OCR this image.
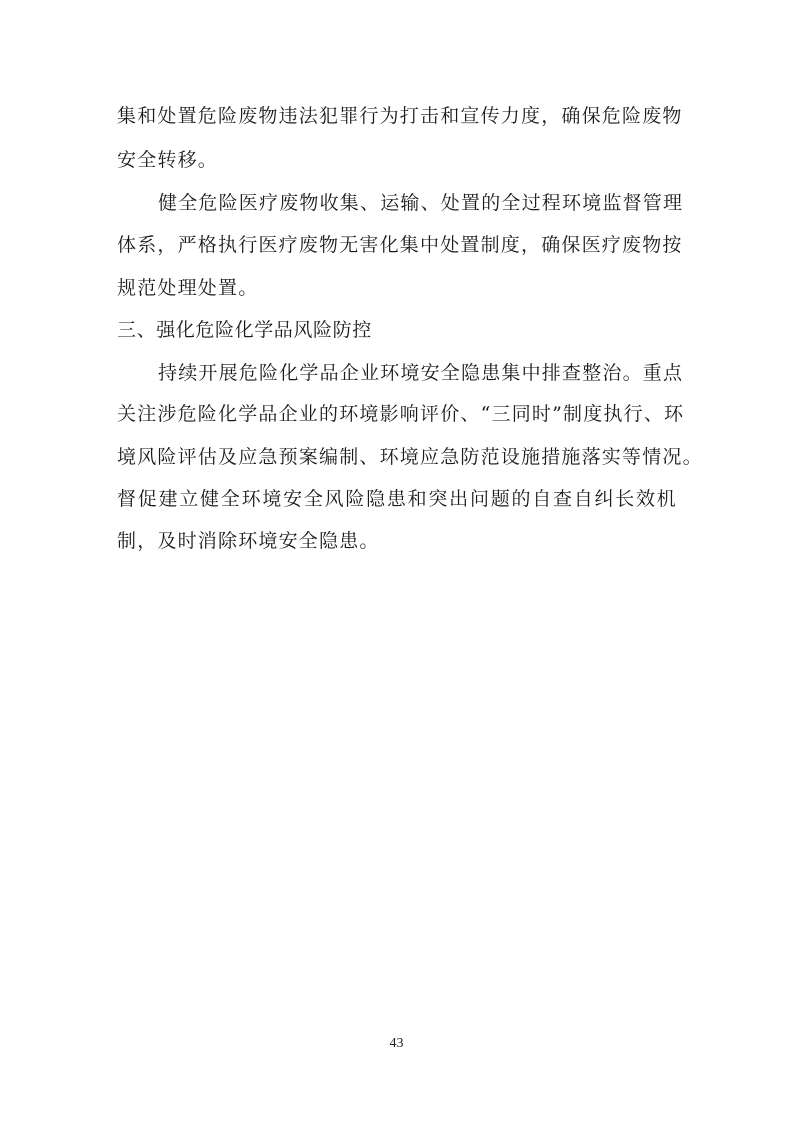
集和处置危险废物违法犯罪行为打击和宣传力度，确保危险废物
安全转移。
健全危险医疗废物收集、运输、处置的全过程环境监督管理
体系，严格执行医疗废物无害化集中处置制度，确保医疗废物按
规范处理处置。
三、强化危险化学品风险防控
持续开展危险化学品企业环境安全隐患集中排查整治。重点
关注涉危险化学品企业的环境影响评价、“三同时”制度执行、环
境风险评估及应急预案编制、环境应急防范设施措施落实等情况。
督促建立健全环境安全风险隐患和突出问题的自查自纠长效机
制，及时消除环境安全隐患。
43
